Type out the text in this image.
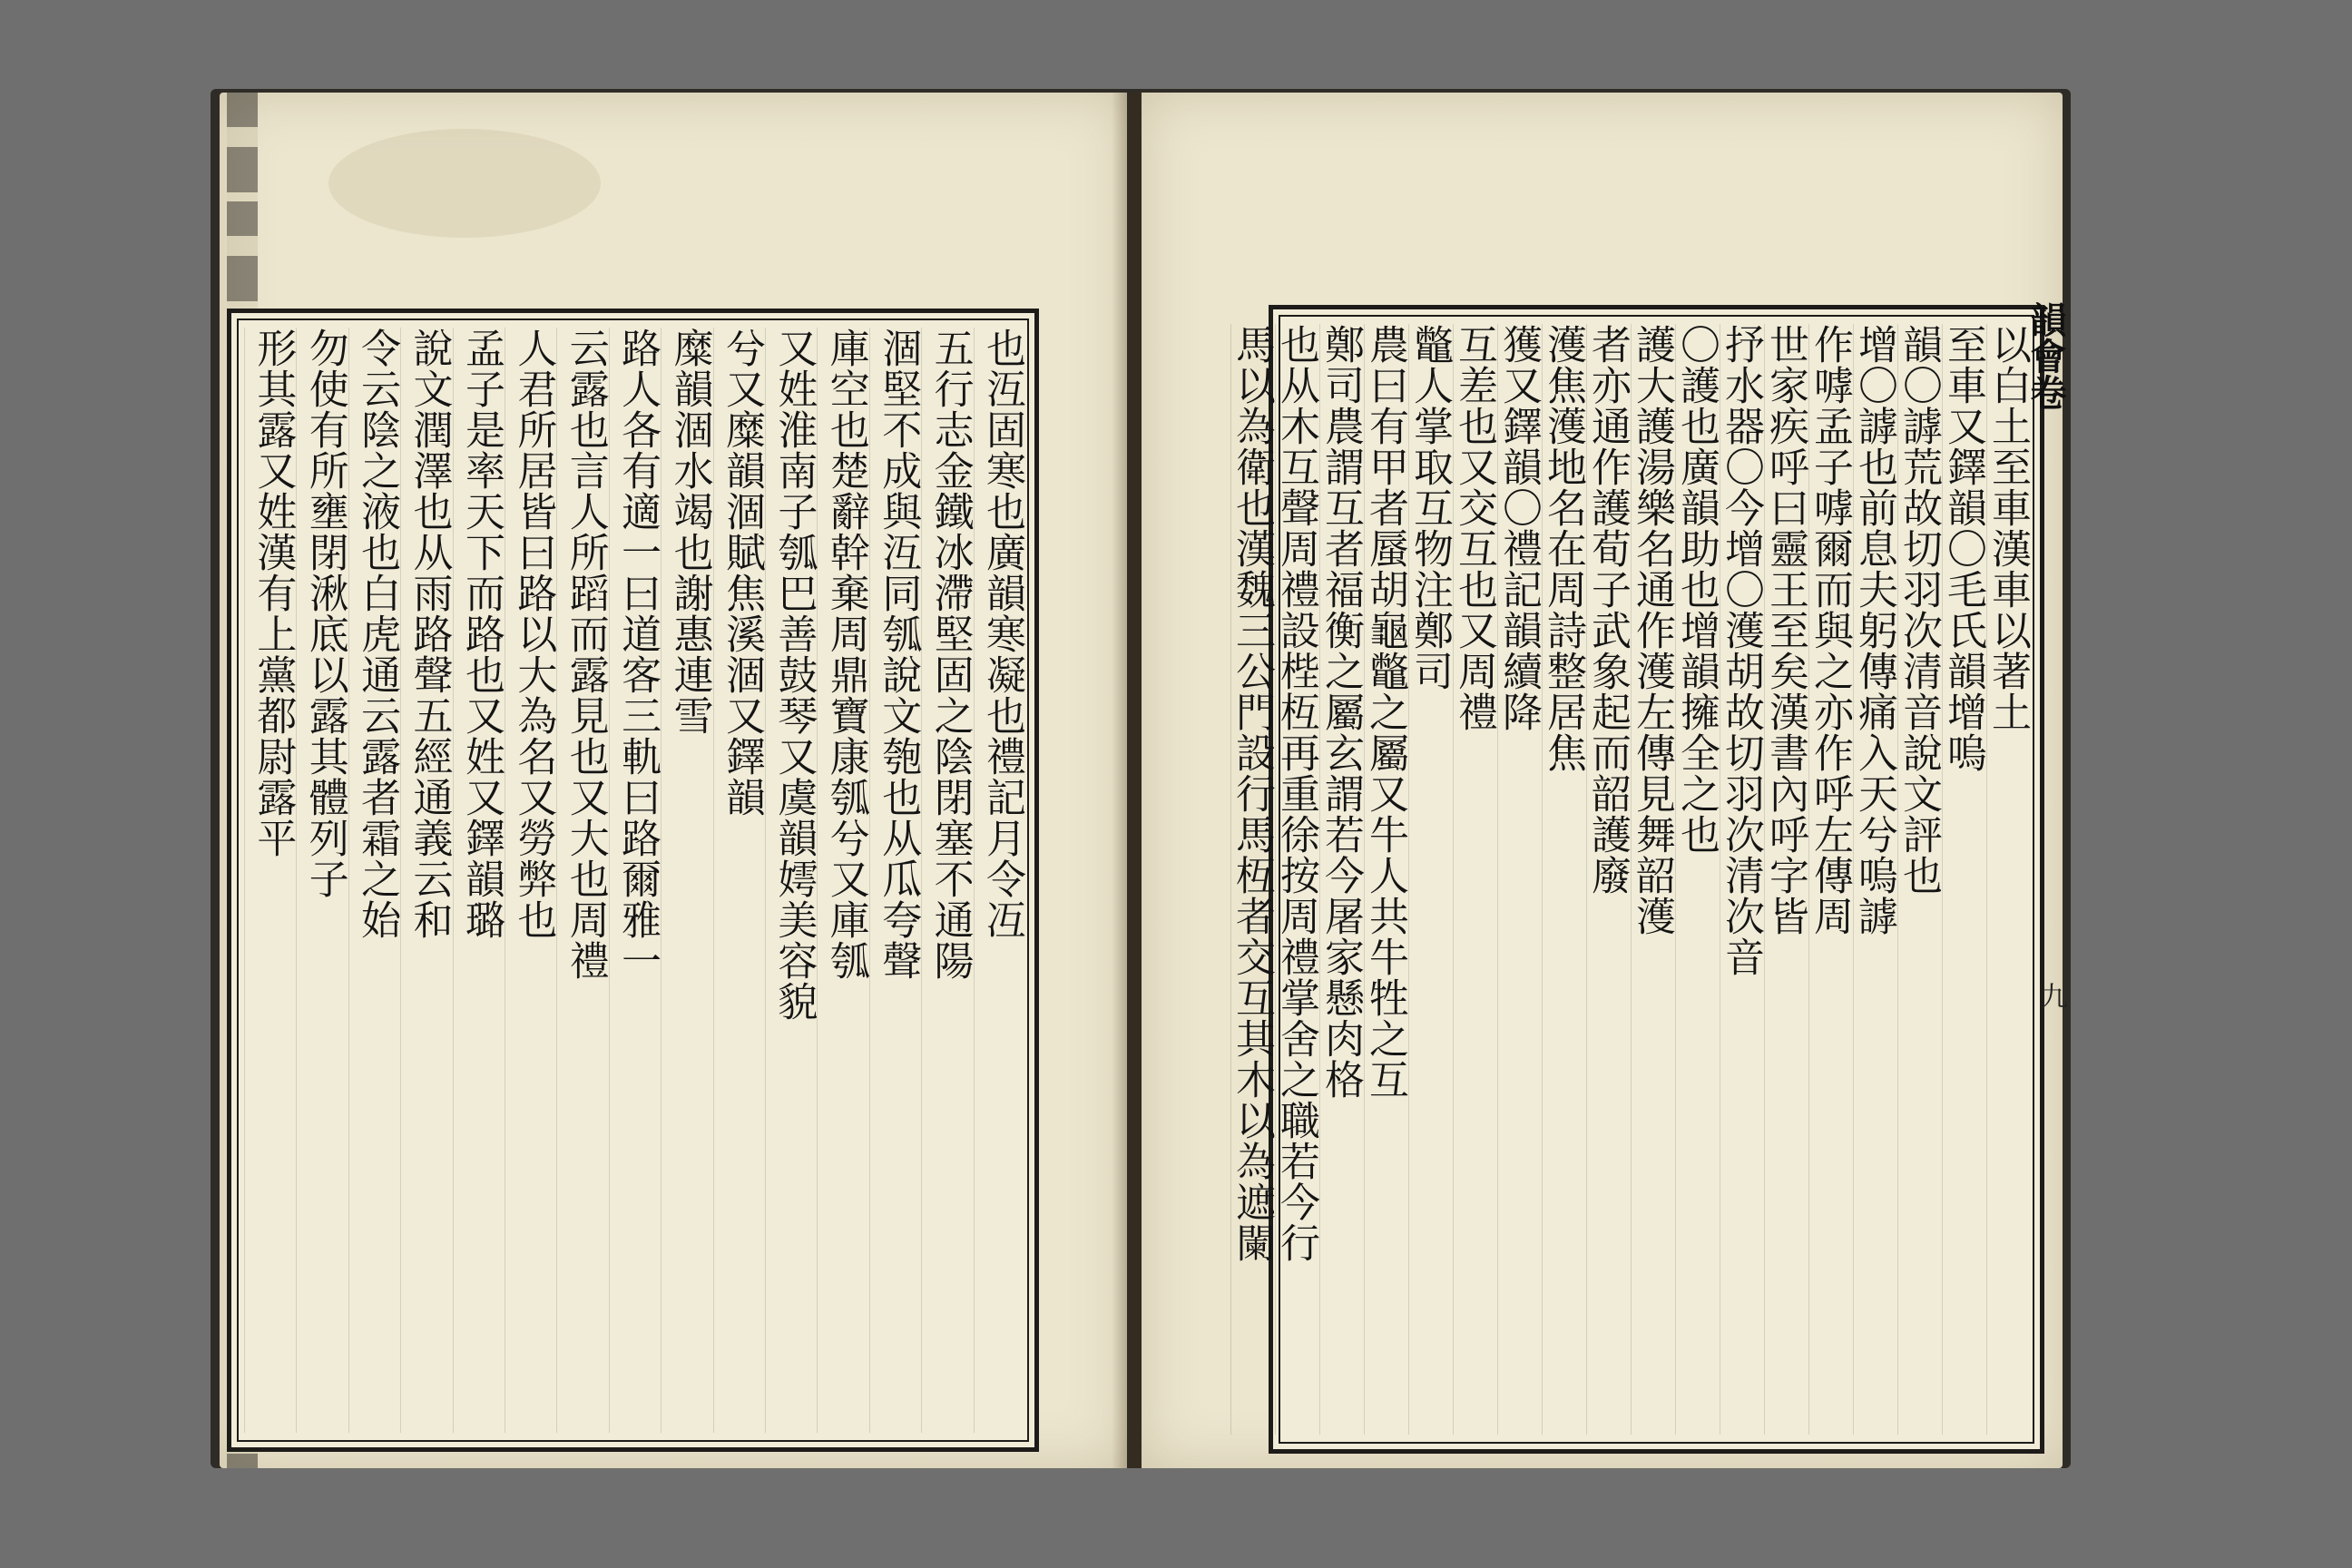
也沍固寒也廣韻寒凝也禮記月令冱
五行志金鐵冰滯堅固之陰閉塞不通陽
涸堅不成與沍同瓠說文匏也从瓜夸聲
庫空也楚辭幹棄周鼎寶康瓠兮又庫瓠
又姓淮南子瓠巴善鼓琴又虞韻嫮美容貌
兮又糜韻涸賦焦溪涸又鐸韻
糜韻涸水竭也謝惠連雪
路人各有適一曰道客三軌曰路爾雅一
云露也言人所蹈而露見也又大也周禮
人君所居皆曰路以大為名又勞弊也
孟子是率天下而路也又姓又鐸韻璐
說文潤澤也从雨路聲五經通義云和
令云陰之液也白虎通云露者霜之始
勿使有所壅閉湫底以露其體列子
形其露又姓漢有上黨都尉露平	以白土至車漢車以著土
至車又鐸韻〇毛氏韻增嗚
韻〇謼荒故切羽次清音說文評也
增〇謼也前息夫躬傳痛入天兮嗚謼
作嘑孟子嘑爾而與之亦作呼左傳周
世家疾呼曰靈王至矣漢書內呼字皆
抒水器〇今增〇濩胡故切羽次清次音
〇護也廣韻助也增韻擁全之也
護大護湯樂名通作濩左傳見舞韶濩
者亦通作護荀子武象起而韶護廢
濩焦濩地名在周詩整居焦
獲又鐸韻〇禮記韻續降
互差也又交互也又周禮
鼈人掌取互物注鄭司
農曰有甲者蜃胡龜鼈之屬又牛人共牛牲之互
鄭司農謂互者福衡之屬玄謂若今屠家懸肉格
也从木互聲周禮設梐枑再重徐按周禮掌舍之職若今行
馬以為衛也漢魏三公門設行馬枑者交互其木以為遮闌	韻會卷
九
